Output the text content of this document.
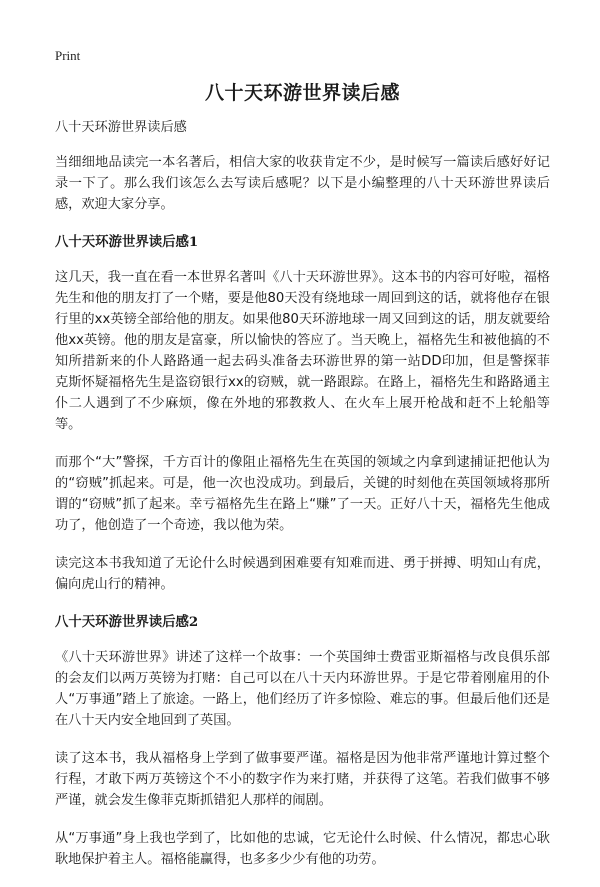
Print
八十天环游世界读后感

八十天环游世界读后感

当细细地品读完一本名著后，相信大家的收获肯定不少，是时候写一篇读后感好好记录一下了。那么我们该怎么去写读后感呢？以下是小编整理的八十天环游世界读后感，欢迎大家分享。

八十天环游世界读后感1

这几天，我一直在看一本世界名著叫《八十天环游世界》。这本书的内容可好啦，福格先生和他的朋友打了一个赌，要是他80天没有绕地球一周回到这的话，就将他存在银行里的xx英镑全部给他的朋友。如果他80天环游地球一周又回到这的话，朋友就要给他xx英镑。他的朋友是富豪，所以愉快的答应了。当天晚上，福格先生和被他搞的不知所措新来的仆人路路通一起去码头准备去环游世界的第一站DD印加，但是警探菲克斯怀疑福格先生是盗窃银行xx的窃贼，就一路跟踪。在路上，福格先生和路路通主仆二人遇到了不少麻烦，像在外地的邪教救人、在火车上展开枪战和赶不上轮船等等。

而那个“大”警探，千方百计的像阻止福格先生在英国的领域之内拿到逮捕证把他认为的“窃贼”抓起来。可是，他一次也没成功。到最后，关键的时刻他在英国领域将那所谓的“窃贼”抓了起来。幸亏福格先生在路上“赚”了一天。正好八十天，福格先生他成功了，他创造了一个奇迹，我以他为荣。

读完这本书我知道了无论什么时候遇到困难要有知难而进、勇于拼搏、明知山有虎，偏向虎山行的精神。

八十天环游世界读后感2

《八十天环游世界》讲述了这样一个故事：一个英国绅士费雷亚斯福格与改良俱乐部的会友们以两万英镑为打赌：自己可以在八十天内环游世界。于是它带着刚雇用的仆人“万事通”踏上了旅途。一路上，他们经历了许多惊险、难忘的事。但最后他们还是在八十天内安全地回到了英国。

读了这本书，我从福格身上学到了做事要严谨。福格是因为他非常严谨地计算过整个行程，才敢下两万英镑这个不小的数字作为来打赌，并获得了这笔。若我们做事不够严谨，就会发生像菲克斯抓错犯人那样的闹剧。

从“万事通”身上我也学到了，比如他的忠诚，它无论什么时候、什么情况，都忠心耿耿地保护着主人。福格能赢得，也多多少少有他的功劳。
